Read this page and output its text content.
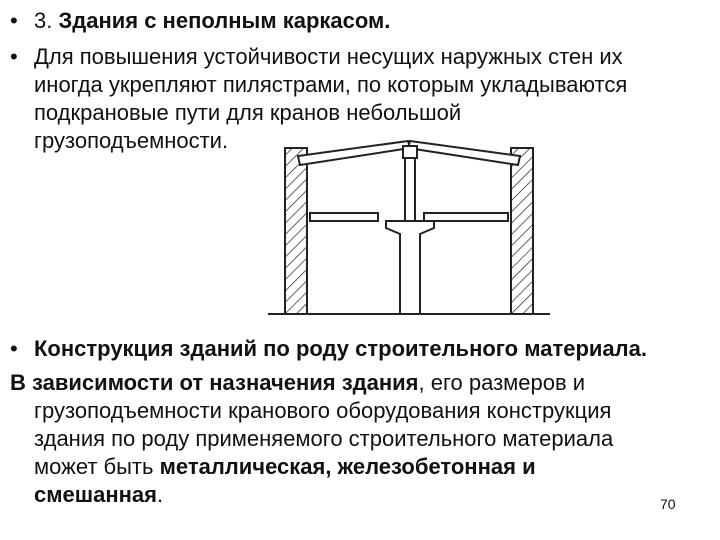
• 3. Здания с неполным каркасом.
• Для повышения устойчивости несущих наружных стен их
иногда укрепляют пилястрами, по которым укладываются
подкрановые пути для кранов небольшой
грузоподъемности.
• Конструкция зданий по роду строительного материала.
В зависимости от назначения здания, его размеров и
грузоподъемности кранового оборудования конструкция
здания по роду применяемого строительного материала
может быть металлическая, железобетонная и
смешанная.	70
